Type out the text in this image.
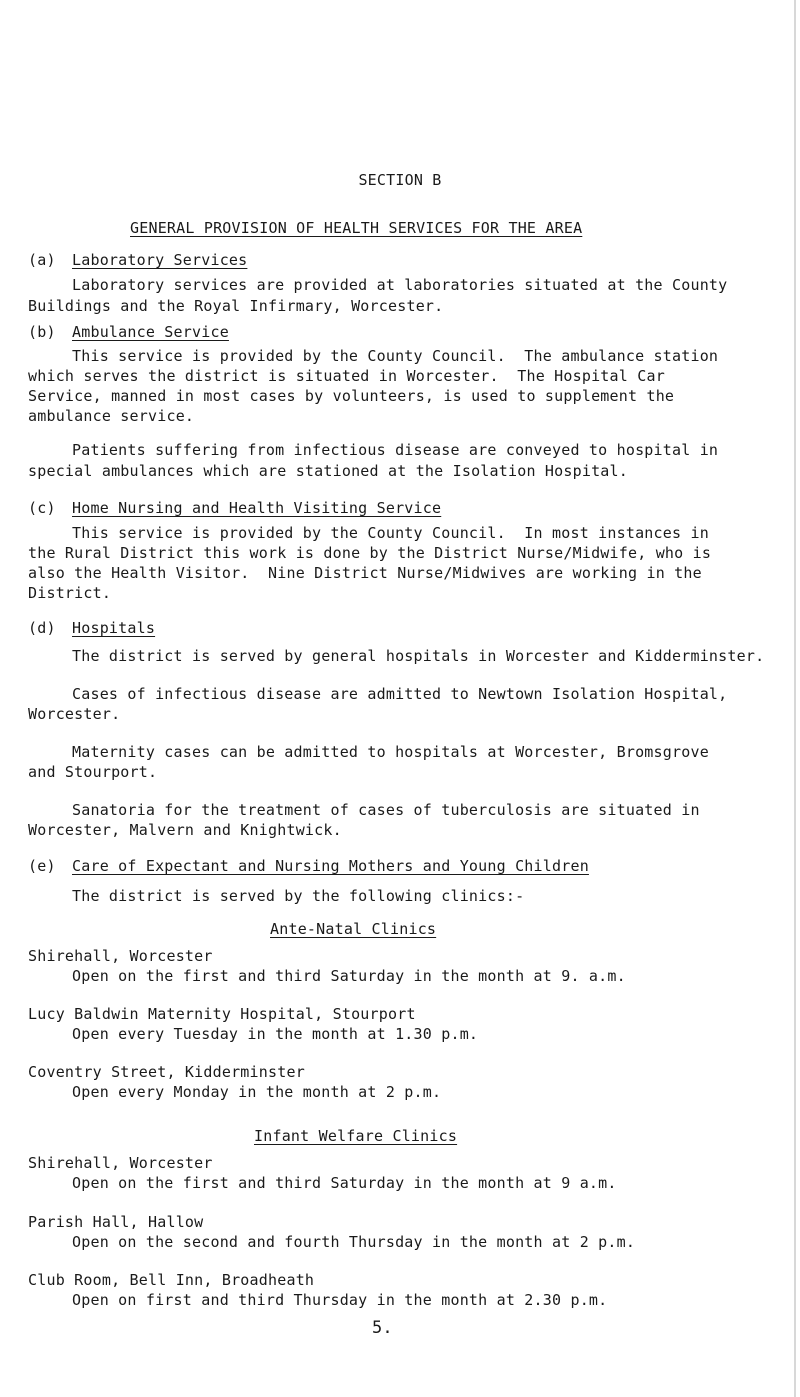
SECTION B
GENERAL PROVISION OF HEALTH SERVICES FOR THE AREA
(a) Laboratory Services
Laboratory services are provided at laboratories situated at the County
Buildings and the Royal Infirmary, Worcester.
(b) Ambulance Service
This service is provided by the County Council.  The ambulance station
which serves the district is situated in Worcester.  The Hospital Car
Service, manned in most cases by volunteers, is used to supplement the
ambulance service.
Patients suffering from infectious disease are conveyed to hospital in
special ambulances which are stationed at the Isolation Hospital.
(c) Home Nursing and Health Visiting Service
This service is provided by the County Council.  In most instances in
the Rural District this work is done by the District Nurse/Midwife, who is
also the Health Visitor.  Nine District Nurse/Midwives are working in the
District.
(d) Hospitals
The district is served by general hospitals in Worcester and Kidderminster.
Cases of infectious disease are admitted to Newtown Isolation Hospital,
Worcester.
Maternity cases can be admitted to hospitals at Worcester, Bromsgrove
and Stourport.
Sanatoria for the treatment of cases of tuberculosis are situated in
Worcester, Malvern and Knightwick.
(e) Care of Expectant and Nursing Mothers and Young Children
The district is served by the following clinics:-
Ante-Natal Clinics
Shirehall, Worcester
Open on the first and third Saturday in the month at 9. a.m.
Lucy Baldwin Maternity Hospital, Stourport
Open every Tuesday in the month at 1.30 p.m.
Coventry Street, Kidderminster
Open every Monday in the month at 2 p.m.
Infant Welfare Clinics
Shirehall, Worcester
Open on the first and third Saturday in the month at 9 a.m.
Parish Hall, Hallow
Open on the second and fourth Thursday in the month at 2 p.m.
Club Room, Bell Inn, Broadheath
Open on first and third Thursday in the month at 2.30 p.m.
5.
